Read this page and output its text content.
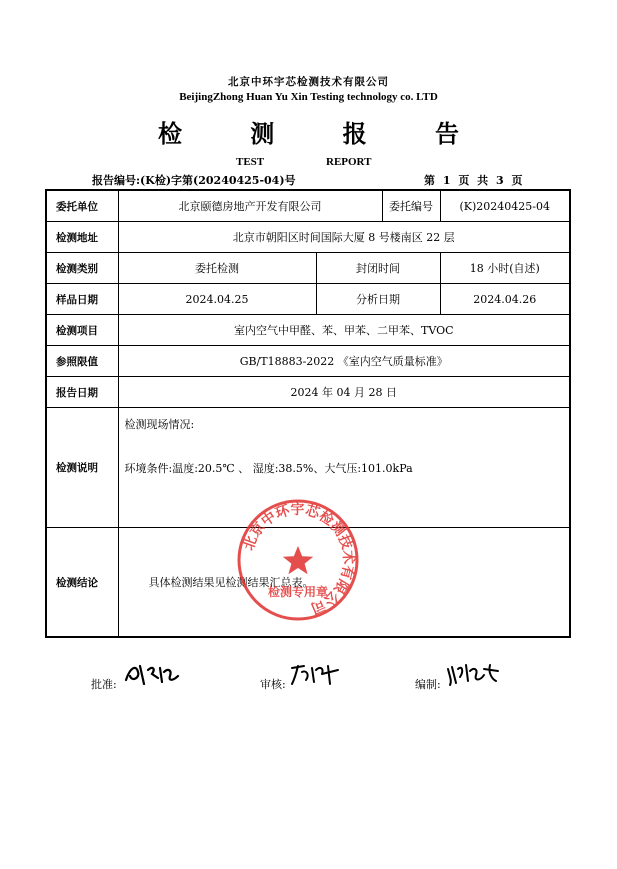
北京中环宇芯检测技术有限公司
BeijingZhong Huan Yu Xin Testing technology co. LTD
检 测 报 告
TEST	REPORT
报告编号:(K检)字第(20240425-04)号	第 1 页 共 3 页
委托单位	北京颐德房地产开发有限公司		委托编号	(K)20240425-04
检测地址	北京市朝阳区时间国际大厦 8 号楼南区 22 层			
检测类别	委托检测	封闭时间		18 小时(自述)
样品日期	2024.04.25	分析日期		2024.04.26
检测项目	室内空气中甲醛、苯、甲苯、二甲苯、TVOC			
参照限值	GB/T18883-2022 《室内空气质量标准》			
报告日期	2024 年 04 月 28 日			
检测说明	检测现场情况:
环境条件:温度:20.5℃ 、 湿度:38.5%、大气压:101.0kPa			

检测结论	具体检测结果见检测结果汇总表。			
北京中环宇芯检测技术有限公司
检测专用章
批准:	审核:	编制:
